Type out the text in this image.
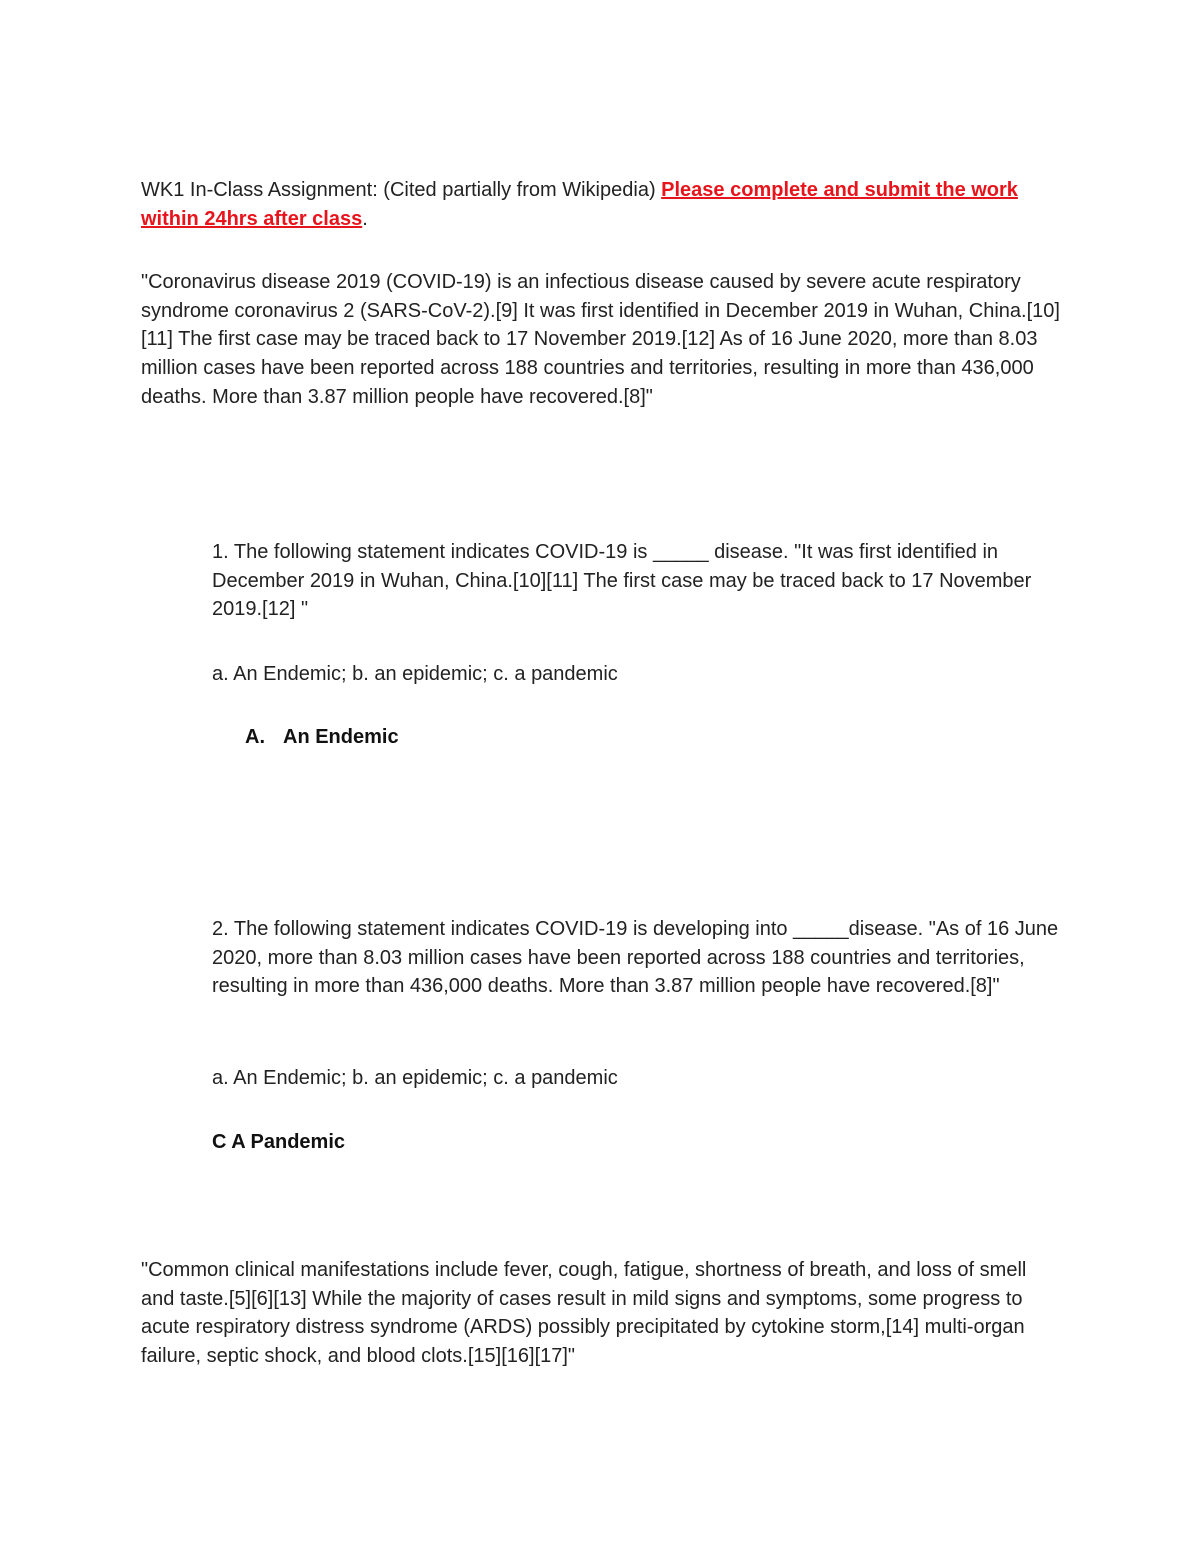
WK1 In-Class Assignment: (Cited partially from Wikipedia) Please complete and submit the work within 24hrs after class.

"Coronavirus disease 2019 (COVID-19) is an infectious disease caused by severe acute respiratory syndrome coronavirus 2 (SARS-CoV-2).[9] It was first identified in December 2019 in Wuhan, China.[10][11] The first case may be traced back to 17 November 2019.[12] As of 16 June 2020, more than 8.03 million cases have been reported across 188 countries and territories, resulting in more than 436,000 deaths. More than 3.87 million people have recovered.[8]"

1. The following statement indicates COVID-19 is _____ disease. "It was first identified in December 2019 in Wuhan, China.[10][11] The first case may be traced back to 17 November 2019.[12] "

a. An Endemic; b. an epidemic; c. a pandemic

A. An Endemic

2. The following statement indicates COVID-19 is developing into _____disease. "As of 16 June 2020, more than 8.03 million cases have been reported across 188 countries and territories, resulting in more than 436,000 deaths. More than 3.87 million people have recovered.[8]"

a. An Endemic; b. an epidemic; c. a pandemic

C A Pandemic

"Common clinical manifestations include fever, cough, fatigue, shortness of breath, and loss of smell and taste.[5][6][13] While the majority of cases result in mild signs and symptoms, some progress to acute respiratory distress syndrome (ARDS) possibly precipitated by cytokine storm,[14] multi-organ failure, septic shock, and blood clots.[15][16][17]"
